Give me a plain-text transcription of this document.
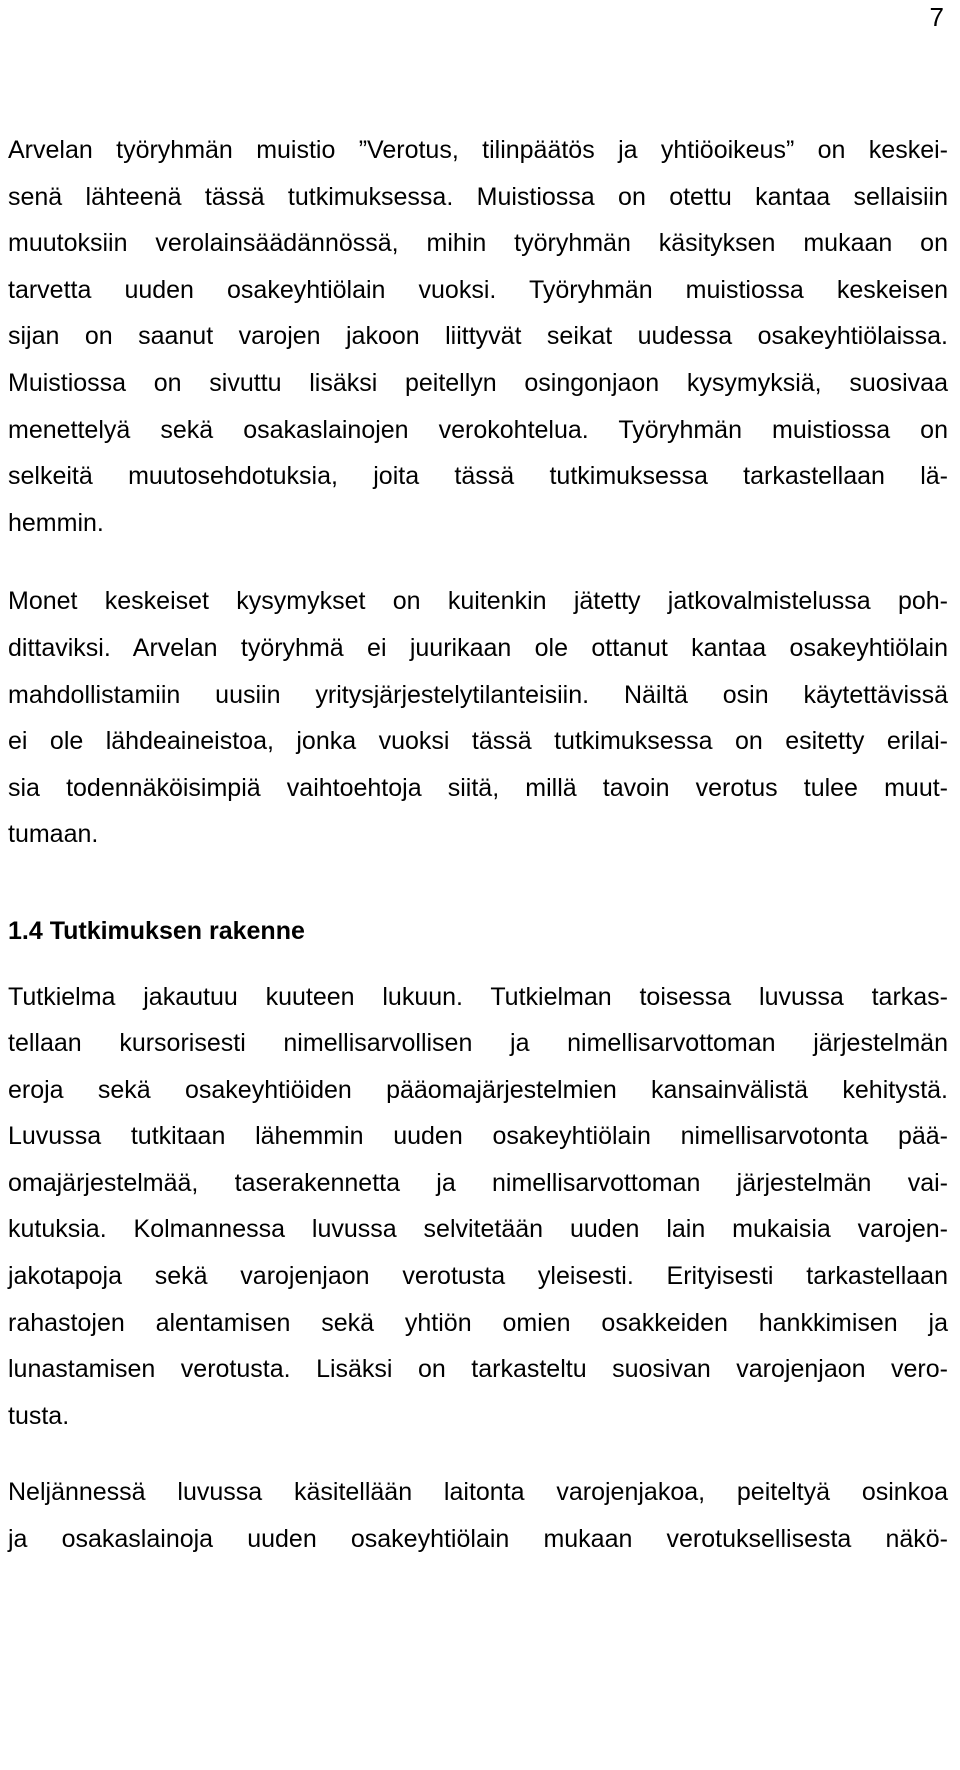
7
Arvelan työryhmän muistio ”Verotus, tilinpäätös ja yhtiöoikeus” on keskei-
senä lähteenä tässä tutkimuksessa. Muistiossa on otettu kantaa sellaisiin
muutoksiin verolainsäädännössä, mihin työryhmän käsityksen mukaan on
tarvetta uuden osakeyhtiölain vuoksi. Työryhmän muistiossa keskeisen
sijan on saanut varojen jakoon liittyvät seikat uudessa osakeyhtiölaissa.
Muistiossa on sivuttu lisäksi peitellyn osingonjaon kysymyksiä, suosivaa
menettelyä sekä osakaslainojen verokohtelua. Työryhmän muistiossa on
selkeitä muutosehdotuksia, joita tässä tutkimuksessa tarkastellaan lä-
hemmin.
Monet keskeiset kysymykset on kuitenkin jätetty jatkovalmistelussa poh-
dittaviksi. Arvelan työryhmä ei juurikaan ole ottanut kantaa osakeyhtiölain
mahdollistamiin uusiin yritysjärjestelytilanteisiin. Näiltä osin käytettävissä
ei ole lähdeaineistoa, jonka vuoksi tässä tutkimuksessa on esitetty erilai-
sia todennäköisimpiä vaihtoehtoja siitä, millä tavoin verotus tulee muut-
tumaan.
1.4 Tutkimuksen rakenne
Tutkielma jakautuu kuuteen lukuun. Tutkielman toisessa luvussa tarkas-
tellaan kursorisesti nimellisarvollisen ja nimellisarvottoman järjestelmän
eroja sekä osakeyhtiöiden pääomajärjestelmien kansainvälistä kehitystä.
Luvussa tutkitaan lähemmin uuden osakeyhtiölain nimellisarvotonta pää-
omajärjestelmää, taserakennetta ja nimellisarvottoman järjestelmän vai-
kutuksia. Kolmannessa luvussa selvitetään uuden lain mukaisia varojen-
jakotapoja sekä varojenjaon verotusta yleisesti. Erityisesti tarkastellaan
rahastojen alentamisen sekä yhtiön omien osakkeiden hankkimisen ja
lunastamisen verotusta. Lisäksi on tarkasteltu suosivan varojenjaon vero-
tusta.
Neljännessä luvussa käsitellään laitonta varojenjakoa, peiteltyä osinkoa
ja osakaslainoja uuden osakeyhtiölain mukaan verotuksellisesta näkö-
